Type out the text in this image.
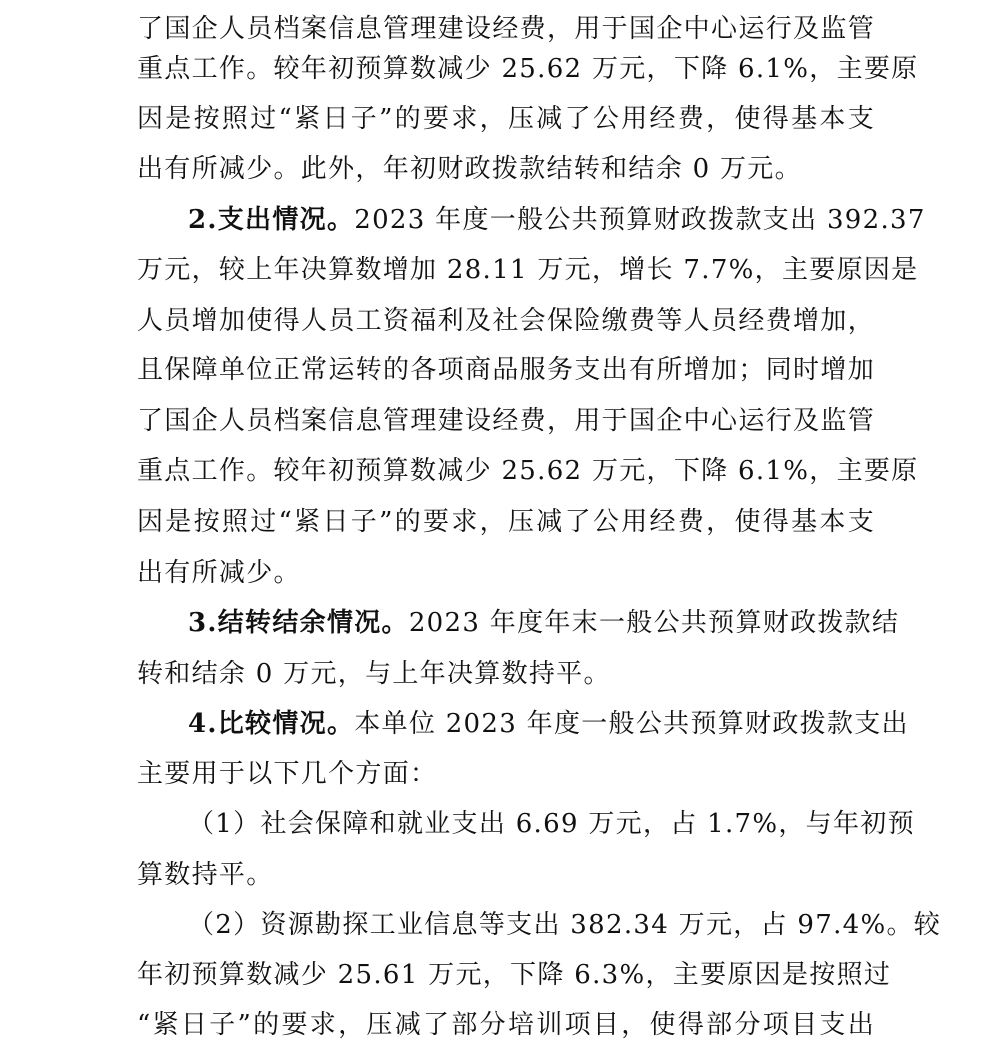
了国企人员档案信息管理建设经费，用于国企中心运行及监管
重点工作。较年初预算数减少 25.62 万元，下降 6.1%，主要原
因是按照过“紧日子”的要求，压减了公用经费，使得基本支
出有所减少。此外，年初财政拨款结转和结余 0 万元。
2.支出情况。2023 年度一般公共预算财政拨款支出 392.37
万元，较上年决算数增加 28.11 万元，增长 7.7%，主要原因是
人员增加使得人员工资福利及社会保险缴费等人员经费增加，
且保障单位正常运转的各项商品服务支出有所增加；同时增加
了国企人员档案信息管理建设经费，用于国企中心运行及监管
重点工作。较年初预算数减少 25.62 万元，下降 6.1%，主要原
因是按照过“紧日子”的要求，压减了公用经费，使得基本支
出有所减少。
3.结转结余情况。2023 年度年末一般公共预算财政拨款结
转和结余 0 万元，与上年决算数持平。
4.比较情况。本单位 2023 年度一般公共预算财政拨款支出
主要用于以下几个方面：
（1）社会保障和就业支出 6.69 万元，占 1.7%，与年初预
算数持平。
（2）资源勘探工业信息等支出 382.34 万元，占 97.4%。较
年初预算数减少 25.61 万元，下降 6.3%，主要原因是按照过
“紧日子”的要求，压减了部分培训项目，使得部分项目支出
